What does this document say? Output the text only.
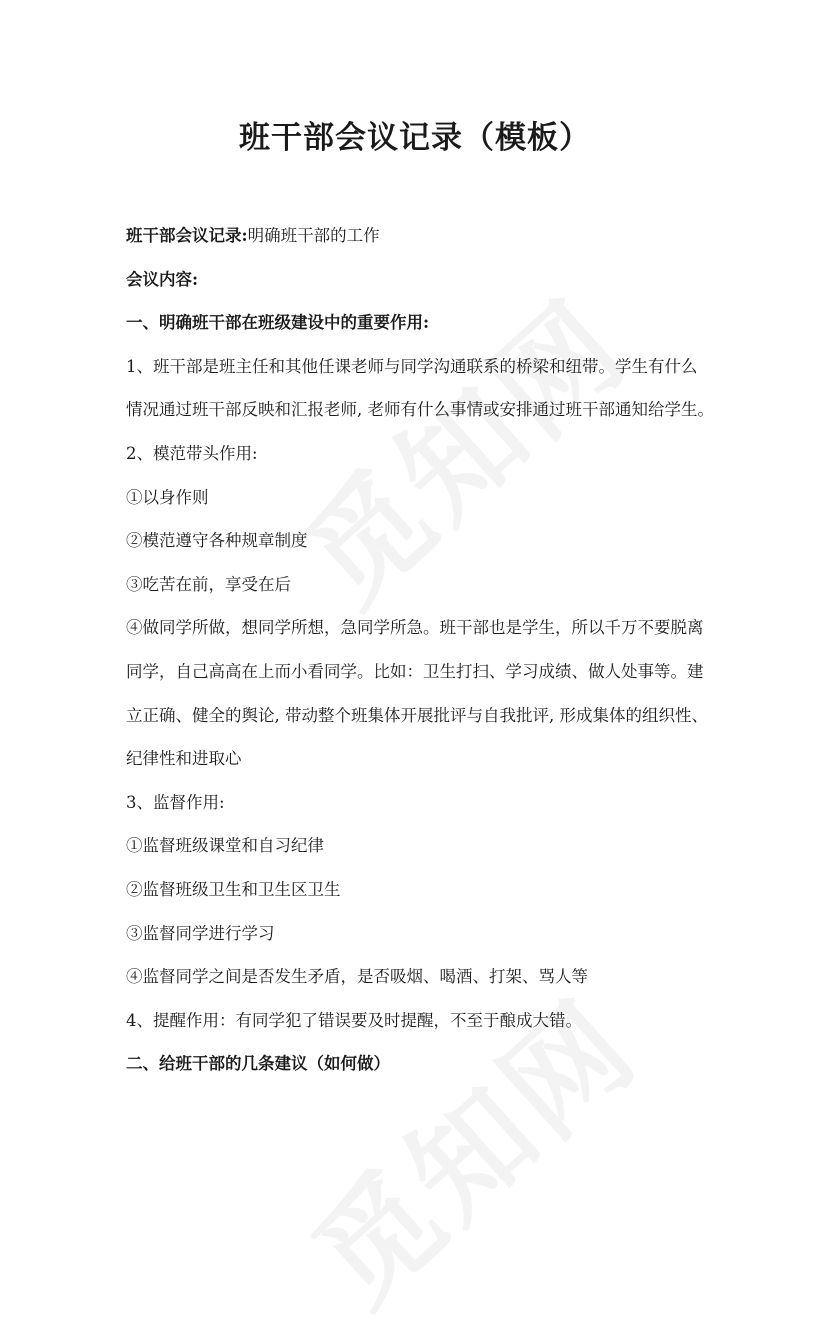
班干部会议记录（模板）
班干部会议记录:明确班干部的工作
会议内容:
一、明确班干部在班级建设中的重要作用:
1、班干部是班主任和其他任课老师与同学沟通联系的桥梁和纽带。学生有什么
情况通过班干部反映和汇报老师, 老师有什么事情或安排通过班干部通知给学生。
2、模范带头作用:
①以身作则
②模范遵守各种规章制度
③吃苦在前，享受在后
④做同学所做，想同学所想，急同学所急。班干部也是学生，所以千万不要脱离
同学，自己高高在上而小看同学。比如：卫生打扫、学习成绩、做人处事等。建
立正确、健全的舆论, 带动整个班集体开展批评与自我批评, 形成集体的组织性、
纪律性和进取心
3、监督作用:
①监督班级课堂和自习纪律
②监督班级卫生和卫生区卫生
③监督同学进行学习
④监督同学之间是否发生矛盾，是否吸烟、喝酒、打架、骂人等
4、提醒作用：有同学犯了错误要及时提醒，不至于酿成大错。
二、给班干部的几条建议（如何做）
